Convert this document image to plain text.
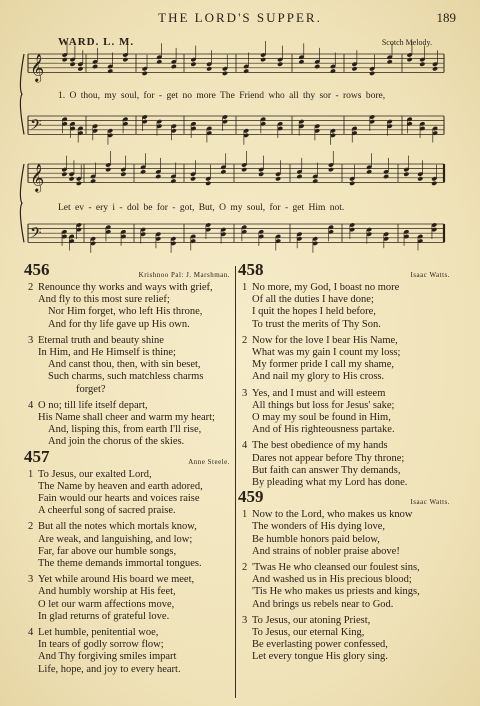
THE LORD'S SUPPER.	189
WARD. L. M.	Scotch Melody.
𝄞
𝄢
𝄞
𝄢
1. O thou, my soul, for - get no more The Friend who all thy sor - rows bore,
Let ev - ery i - dol be for - got, But, O my soul, for - get Him not.
456	Krishnoo Pal: J. Marshman.
2 Renounce thy works and ways with grief,
And fly to this most sure relief;
Nor Him forget, who left His throne,
And for thy life gave up His own.
3 Eternal truth and beauty shine
In Him, and He Himself is thine;
And canst thou, then, with sin beset,
Such charms, such matchless charms
forget?
4 O no; till life itself depart,
His Name shall cheer and warm my heart;
And, lisping this, from earth I'll rise,
And join the chorus of the skies.
457	Anne Steele.
1 To Jesus, our exalted Lord,
The Name by heaven and earth adored,
Fain would our hearts and voices raise
A cheerful song of sacred praise.
2 But all the notes which mortals know,
Are weak, and languishing, and low;
Far, far above our humble songs,
The theme demands immortal tongues.
3 Yet while around His board we meet,
And humbly worship at His feet,
O let our warm affections move,
In glad returns of grateful love.
4 Let humble, penitential woe,
In tears of godly sorrow flow;
And Thy forgiving smiles impart
Life, hope, and joy to every heart.
458	Isaac Watts.
1 No more, my God, I boast no more
Of all the duties I have done;
I quit the hopes I held before,
To trust the merits of Thy Son.
2 Now for the love I bear His Name,
What was my gain I count my loss;
My former pride I call my shame,
And nail my glory to His cross.
3 Yes, and I must and will esteem
All things but loss for Jesus' sake;
O may my soul be found in Him,
And of His righteousness partake.
4 The best obedience of my hands
Dares not appear before Thy throne;
But faith can answer Thy demands,
By pleading what my Lord has done.
459	Isaac Watts.
1 Now to the Lord, who makes us know
The wonders of His dying love,
Be humble honors paid below,
And strains of nobler praise above!
2 'Twas He who cleansed our foulest sins,
And washed us in His precious blood;
'Tis He who makes us priests and kings,
And brings us rebels near to God.
3 To Jesus, our atoning Priest,
To Jesus, our eternal King,
Be everlasting power confessed,
Let every tongue His glory sing.
